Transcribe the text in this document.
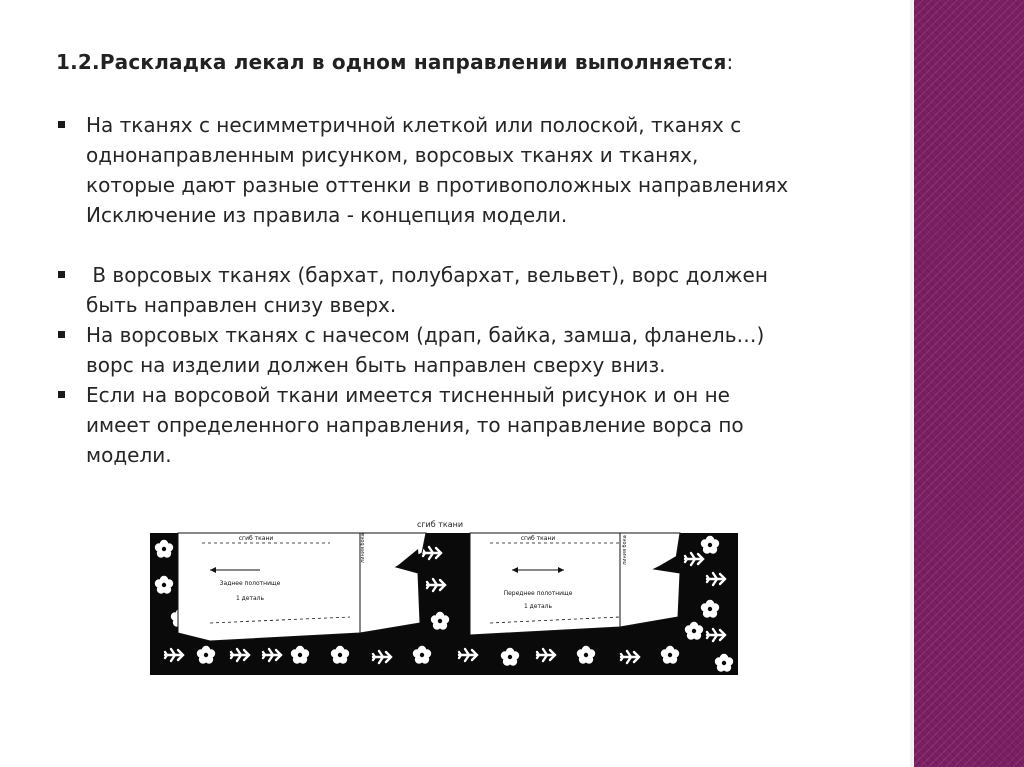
1.2.Раскладка лекал в одном направлении выполняется:
На тканях с несимметричной клеткой или полоской, тканях с
однонаправленным рисунком, ворсовых тканях и тканях,
которые дают разные оттенки в противоположных направлениях
Исключение из правила - концепция модели.
В ворсовых тканях (бархат, полубархат, вельвет), ворс должен
быть направлен снизу вверх.
На ворсовых тканях с начесом (драп, байка, замша, фланель…)
ворс на изделии должен быть направлен сверху вниз.
Если на ворсовой ткани имеется тисненный рисунок и он не
имеет определенного направления, то направление ворса по
модели.
сгиб ткани
сгиб ткани
Заднее полотнище
1 деталь
линия бока	сгиб ткани
Переднее полотнище
1 деталь
линия бока
